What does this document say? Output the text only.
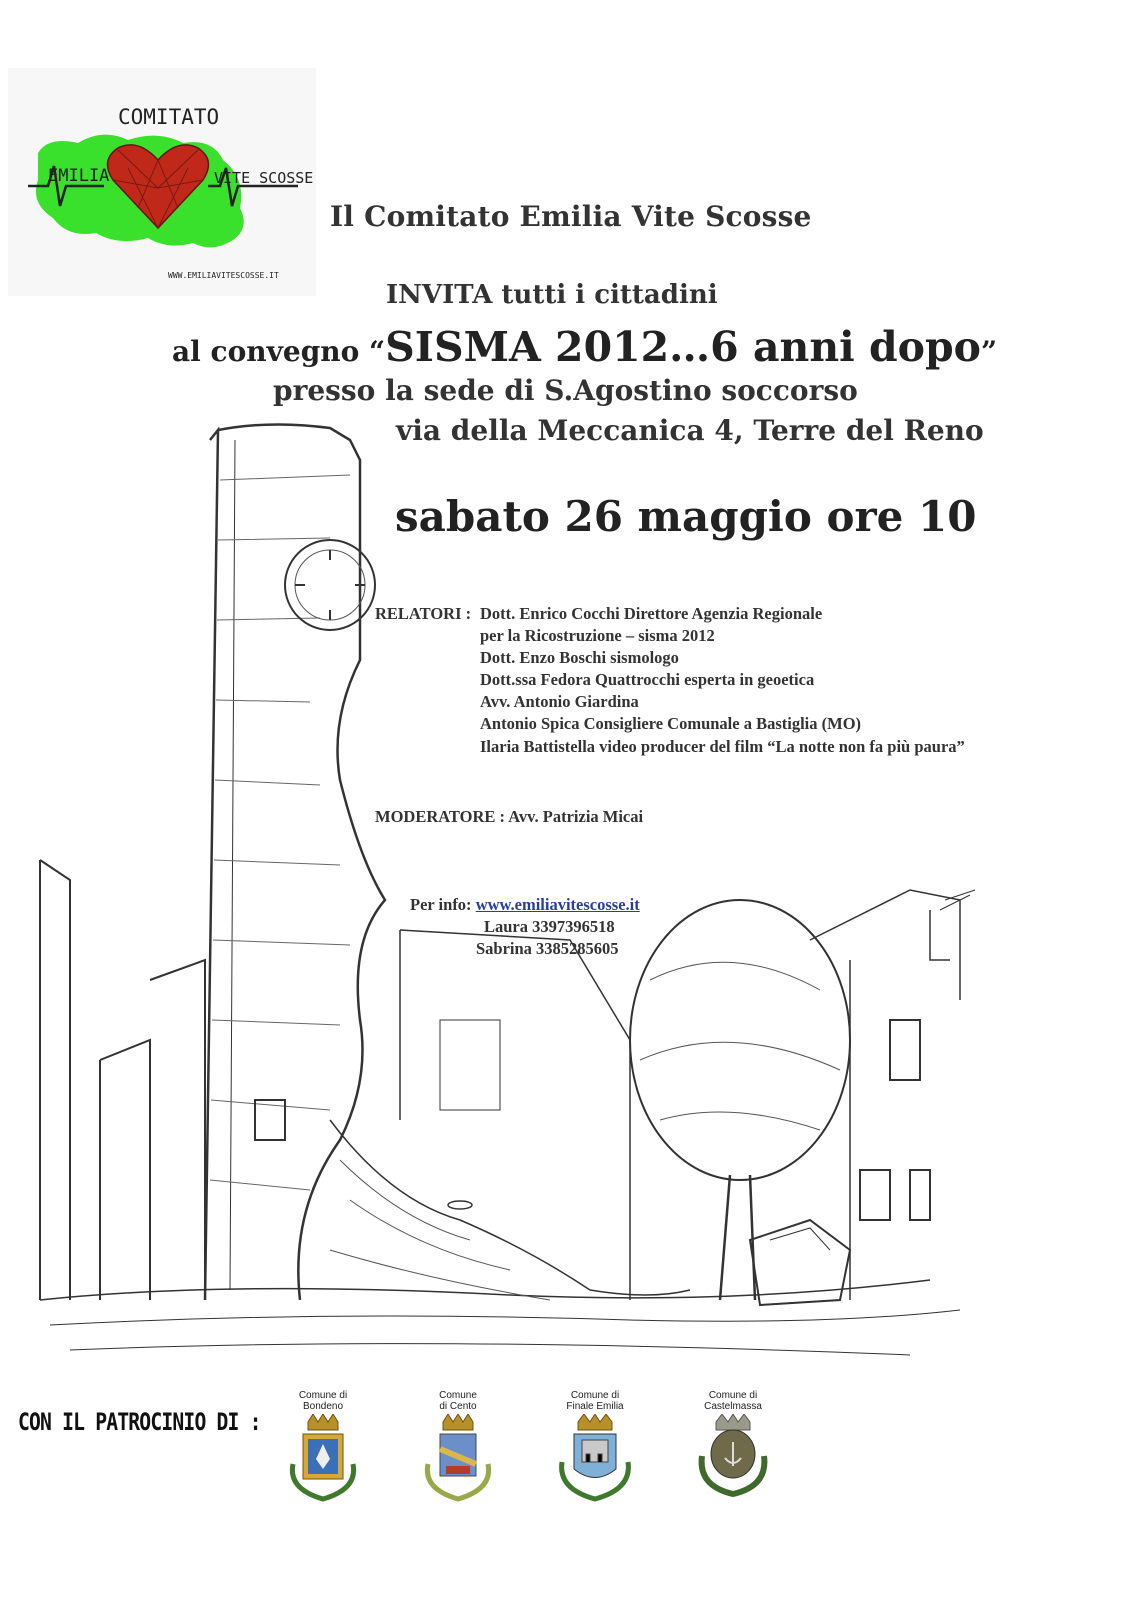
COMITATO
EMILIA	VITE SCOSSE
WWW.EMILIAVITESCOSSE.IT
Il Comitato Emilia Vite Scosse
INVITA tutti i cittadini
al convegno “SISMA 2012…6 anni dopo”
presso la sede di S.Agostino soccorso
via della Meccanica 4, Terre del Reno
sabato 26 maggio ore 10
RELATORI : Dott. Enrico Cocchi Direttore Agenzia Regionale
per la Ricostruzione – sisma 2012
Dott. Enzo Boschi sismologo
Dott.ssa Fedora Quattrocchi esperta in geoetica
Avv. Antonio Giardina
Antonio Spica Consigliere Comunale a Bastiglia (MO)
Ilaria Battistella video producer del film “La notte non fa più paura”
MODERATORE : Avv. Patrizia Micai
Per info: www.emiliavitescosse.it
Laura 3397396518
Sabrina 3385285605
CON IL PATROCINIO DI :
Comune di
Bondeno
Comune
di Cento
Comune di
Finale Emilia
Comune di
Castelmassa
